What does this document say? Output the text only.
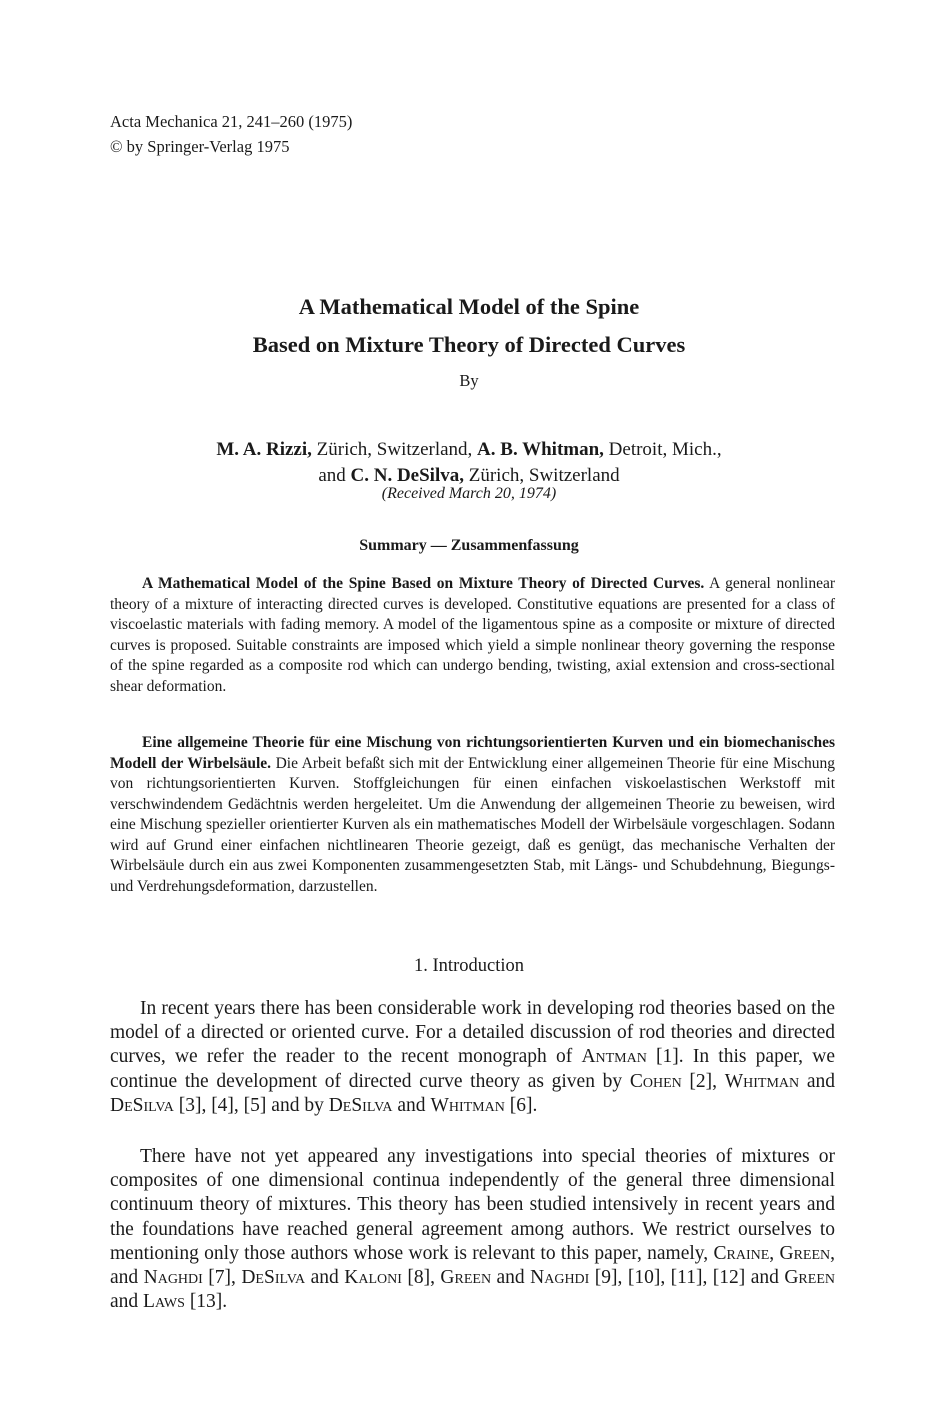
Acta Mechanica 21, 241–260 (1975)
© by Springer-Verlag 1975
A Mathematical Model of the Spine
Based on Mixture Theory of Directed Curves
By
M. A. Rizzi, Zürich, Switzerland, A. B. Whitman, Detroit, Mich.,
and C. N. DeSilva, Zürich, Switzerland
(Received March 20, 1974)
Summary — Zusammenfassung

A Mathematical Model of the Spine Based on Mixture Theory of Directed Curves. A general nonlinear theory of a mixture of interacting directed curves is developed. Constitutive equations are presented for a class of viscoelastic materials with fading memory. A model of the ligamentous spine as a composite or mixture of directed curves is proposed. Suitable constraints are imposed which yield a simple nonlinear theory governing the response of the spine regarded as a composite rod which can undergo bending, twisting, axial extension and cross-sectional shear deformation.

Eine allgemeine Theorie für eine Mischung von richtungsorientierten Kurven und ein biomechanisches Modell der Wirbelsäule. Die Arbeit befaßt sich mit der Entwicklung einer allgemeinen Theorie für eine Mischung von richtungsorientierten Kurven. Stoffgleichungen für einen einfachen viskoelastischen Werkstoff mit verschwindendem Gedächtnis werden hergeleitet. Um die Anwendung der allgemeinen Theorie zu beweisen, wird eine Mischung spezieller orientierter Kurven als ein mathematisches Modell der Wirbelsäule vorgeschlagen. Sodann wird auf Grund einer einfachen nichtlinearen Theorie gezeigt, daß es genügt, das mechanische Verhalten der Wirbelsäule durch ein aus zwei Komponenten zusammengesetzten Stab, mit Längs- und Schubdehnung, Biegungs- und Verdrehungsdeformation, darzustellen.

1. Introduction

In recent years there has been considerable work in developing rod theories based on the model of a directed or oriented curve. For a detailed discussion of rod theories and directed curves, we refer the reader to the recent monograph of Antman [1]. In this paper, we continue the development of directed curve theory as given by Cohen [2], Whitman and DeSilva [3], [4], [5] and by DeSilva and Whitman [6].

There have not yet appeared any investigations into special theories of mixtures or composites of one dimensional continua independently of the general three dimensional continuum theory of mixtures. This theory has been studied intensively in recent years and the foundations have reached general agreement among authors. We restrict ourselves to mentioning only those authors whose work is relevant to this paper, namely, Craine, Green, and Naghdi [7], DeSilva and Kaloni [8], Green and Naghdi [9], [10], [11], [12] and Green and Laws [13].
